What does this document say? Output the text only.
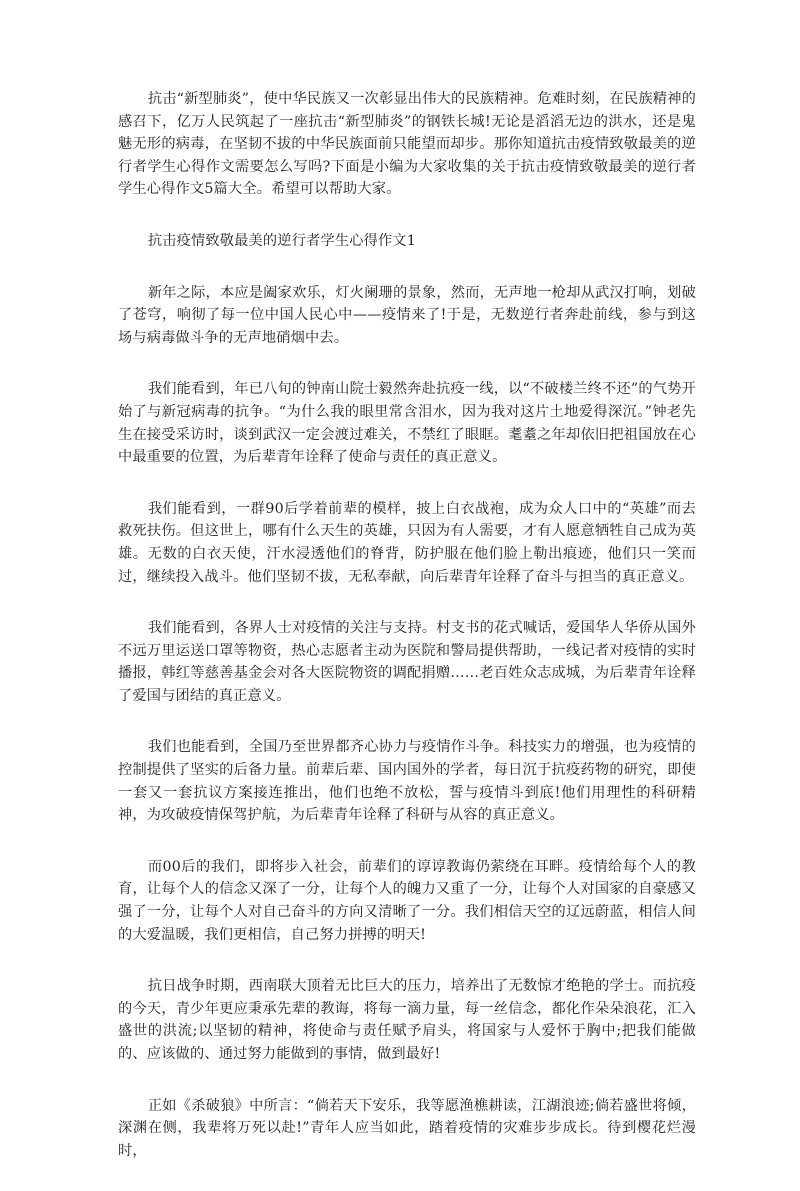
抗击“新型肺炎”，使中华民族又一次彰显出伟大的民族精神。危难时刻，在民族精神的感召下，亿万人民筑起了一座抗击“新型肺炎”的钢铁长城!无论是滔滔无边的洪水，还是鬼魅无形的病毒，在坚韧不拔的中华民族面前只能望而却步。那你知道抗击疫情致敬最美的逆行者学生心得作文需要怎么写吗?下面是小编为大家收集的关于抗击疫情致敬最美的逆行者学生心得作文5篇大全。希望可以帮助大家。

抗击疫情致敬最美的逆行者学生心得作文1

新年之际，本应是阖家欢乐，灯火阑珊的景象，然而，无声地一枪却从武汉打响，划破了苍穹，响彻了每一位中国人民心中——疫情来了!于是，无数逆行者奔赴前线，参与到这场与病毒做斗争的无声地硝烟中去。

我们能看到，年已八旬的钟南山院士毅然奔赴抗疫一线，以“不破楼兰终不还”的气势开始了与新冠病毒的抗争。“为什么我的眼里常含泪水，因为我对这片土地爱得深沉。”钟老先生在接受采访时，谈到武汉一定会渡过难关，不禁红了眼眶。耄耋之年却依旧把祖国放在心中最重要的位置，为后辈青年诠释了使命与责任的真正意义。

我们能看到，一群90后学着前辈的模样，披上白衣战袍，成为众人口中的“英雄”而去救死扶伤。但这世上，哪有什么天生的英雄，只因为有人需要，才有人愿意牺牲自己成为英雄。无数的白衣天使，汗水浸透他们的脊背，防护服在他们脸上勒出痕迹，他们只一笑而过，继续投入战斗。他们坚韧不拔，无私奉献，向后辈青年诠释了奋斗与担当的真正意义。

我们能看到，各界人士对疫情的关注与支持。村支书的花式喊话，爱国华人华侨从国外不远万里运送口罩等物资，热心志愿者主动为医院和警局提供帮助，一线记者对疫情的实时播报，韩红等慈善基金会对各大医院物资的调配捐赠……老百姓众志成城，为后辈青年诠释了爱国与团结的真正意义。

我们也能看到，全国乃至世界都齐心协力与疫情作斗争。科技实力的增强，也为疫情的控制提供了坚实的后备力量。前辈后辈、国内国外的学者，每日沉于抗疫药物的研究，即使一套又一套抗议方案接连推出，他们也绝不放松，誓与疫情斗到底!他们用理性的科研精神，为攻破疫情保驾护航，为后辈青年诠释了科研与从容的真正意义。

而00后的我们，即将步入社会，前辈们的谆谆教诲仍萦绕在耳畔。疫情给每个人的教育，让每个人的信念又深了一分，让每个人的魄力又重了一分，让每个人对国家的自豪感又强了一分，让每个人对自己奋斗的方向又清晰了一分。我们相信天空的辽远蔚蓝，相信人间的大爱温暖，我们更相信，自己努力拼搏的明天!

抗日战争时期，西南联大顶着无比巨大的压力，培养出了无数惊才绝艳的学士。而抗疫的今天，青少年更应秉承先辈的教诲，将每一滴力量，每一丝信念，都化作朵朵浪花，汇入盛世的洪流;以坚韧的精神，将使命与责任赋予肩头，将国家与人爱怀于胸中;把我们能做的、应该做的、通过努力能做到的事情，做到最好!

正如《杀破狼》中所言：“倘若天下安乐，我等愿渔樵耕读，江湖浪迹;倘若盛世将倾，深渊在侧，我辈将万死以赴!”青年人应当如此，踏着疫情的灾难步步成长。待到樱花烂漫时，
